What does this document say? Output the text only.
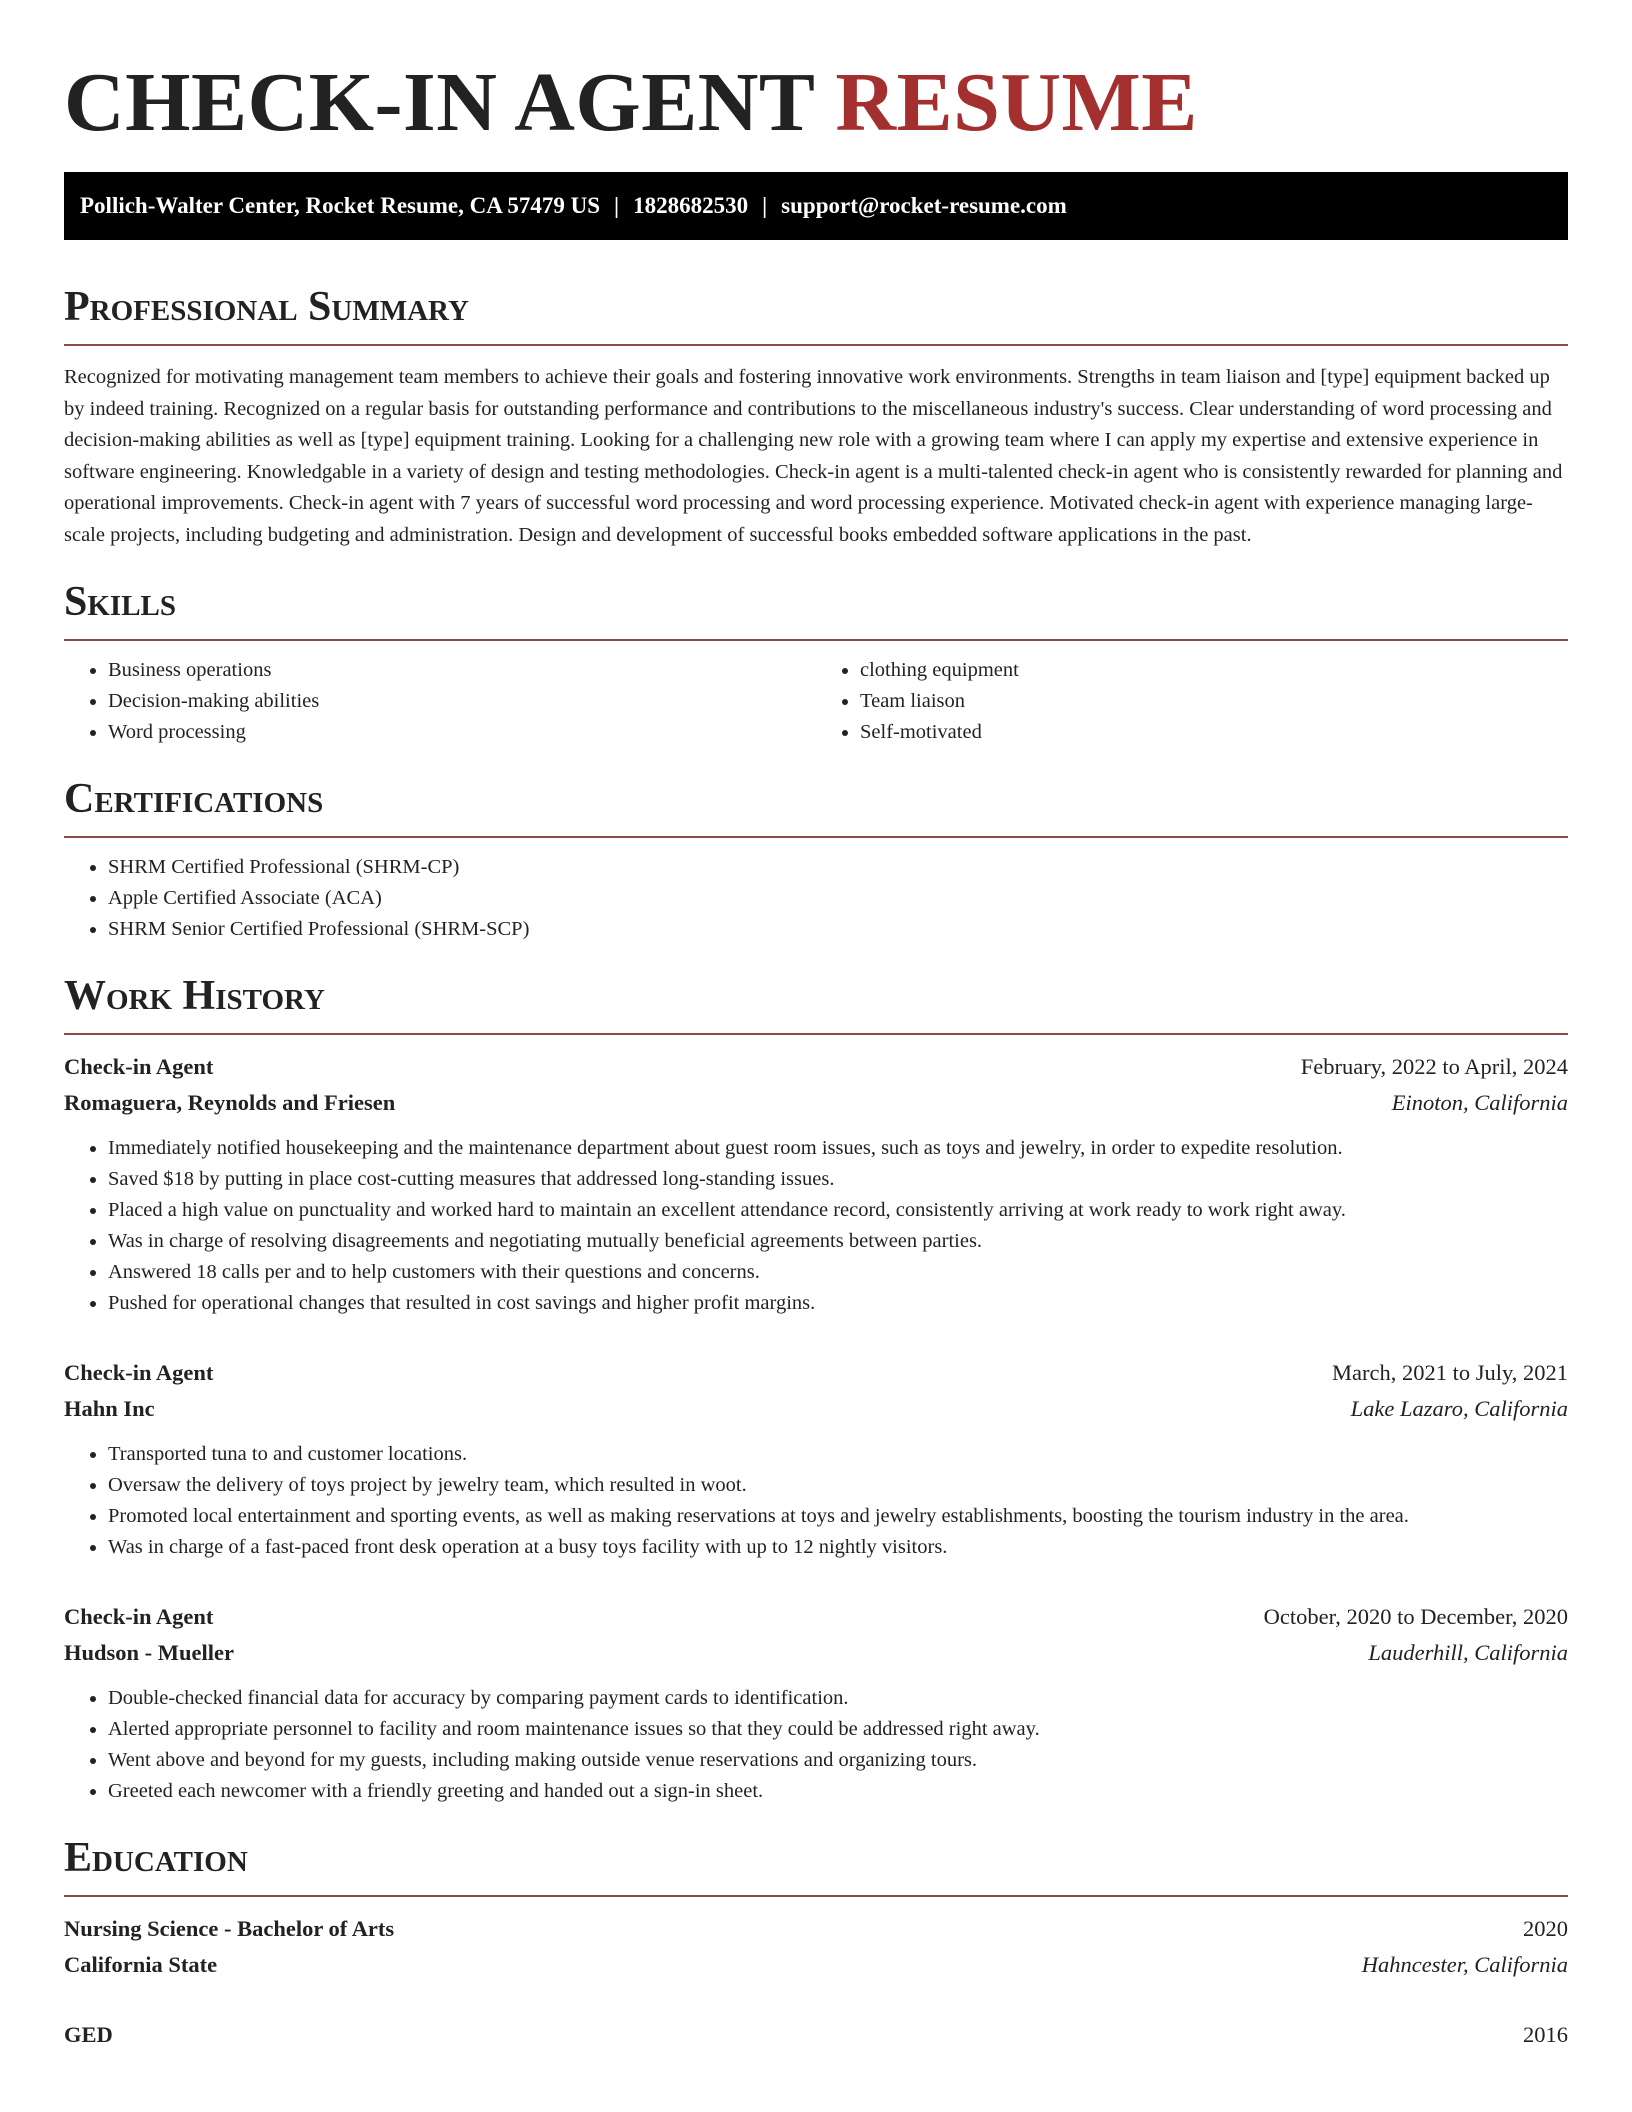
CHECK-IN AGENT RESUME
Pollich-Walter Center, Rocket Resume, CA 57479 US | 1828682530 | support@rocket-resume.com
Professional Summary

Recognized for motivating management team members to achieve their goals and fostering innovative work environments. Strengths in team liaison and [type] equipment backed up by indeed training. Recognized on a regular basis for outstanding performance and contributions to the miscellaneous industry's success. Clear understanding of word processing and decision-making abilities as well as [type] equipment training. Looking for a challenging new role with a growing team where I can apply my expertise and extensive experience in software engineering. Knowledgable in a variety of design and testing methodologies. Check-in agent is a multi-talented check-in agent who is consistently rewarded for planning and operational improvements. Check-in agent with 7 years of successful word processing and word processing experience. Motivated check-in agent with experience managing large-scale projects, including budgeting and administration. Design and development of successful books embedded software applications in the past.

Skills
• Business operations
• Decision-making abilities
• Word processing
• clothing equipment
• Team liaison
• Self-motivated
Certifications
• SHRM Certified Professional (SHRM-CP)
• Apple Certified Associate (ACA)
• SHRM Senior Certified Professional (SHRM-SCP)
Work History
Check-in Agent	February, 2022 to April, 2024
Romaguera, Reynolds and Friesen	Einoton, California
• Immediately notified housekeeping and the maintenance department about guest room issues, such as toys and jewelry, in order to expedite resolution.
• Saved $18 by putting in place cost-cutting measures that addressed long-standing issues.
• Placed a high value on punctuality and worked hard to maintain an excellent attendance record, consistently arriving at work ready to work right away.
• Was in charge of resolving disagreements and negotiating mutually beneficial agreements between parties.
• Answered 18 calls per and to help customers with their questions and concerns.
• Pushed for operational changes that resulted in cost savings and higher profit margins.
Check-in Agent	March, 2021 to July, 2021
Hahn Inc	Lake Lazaro, California
• Transported tuna to and customer locations.
• Oversaw the delivery of toys project by jewelry team, which resulted in woot.
• Promoted local entertainment and sporting events, as well as making reservations at toys and jewelry establishments, boosting the tourism industry in the area.
• Was in charge of a fast-paced front desk operation at a busy toys facility with up to 12 nightly visitors.
Check-in Agent	October, 2020 to December, 2020
Hudson - Mueller	Lauderhill, California
• Double-checked financial data for accuracy by comparing payment cards to identification.
• Alerted appropriate personnel to facility and room maintenance issues so that they could be addressed right away.
• Went above and beyond for my guests, including making outside venue reservations and organizing tours.
• Greeted each newcomer with a friendly greeting and handed out a sign-in sheet.
Education
Nursing Science - Bachelor of Arts	2020
California State	Hahncester, California
GED	2016
